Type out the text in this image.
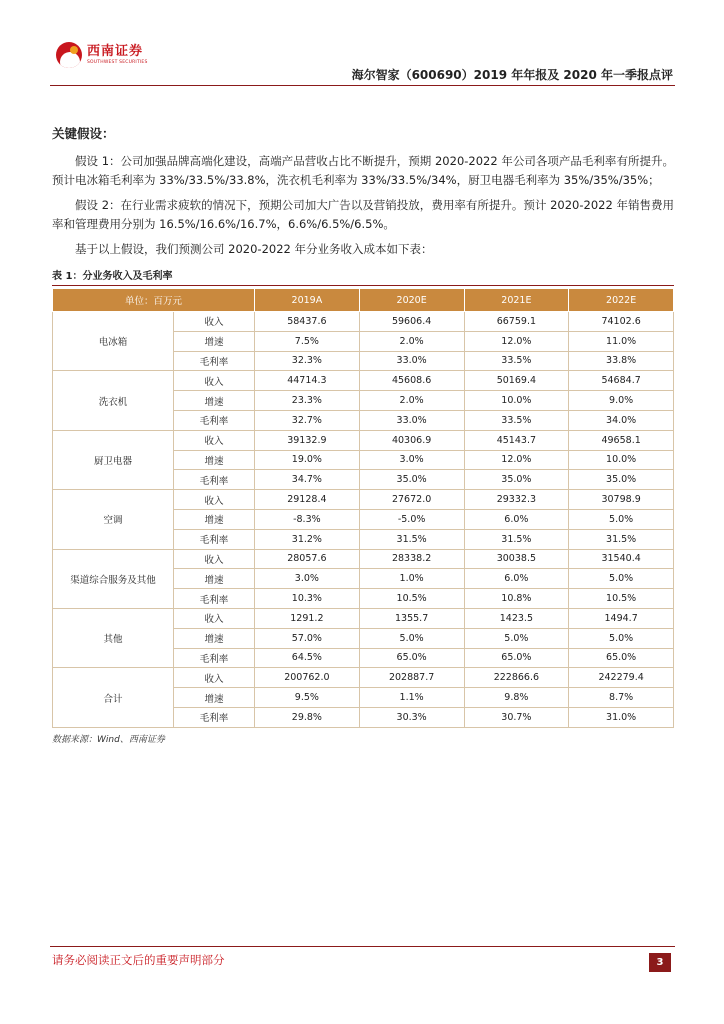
西南证券
SOUTHWEST SECURITIES
海尔智家（600690）2019 年年报及 2020 年一季报点评
关键假设：

假设 1：公司加强品牌高端化建设，高端产品营收占比不断提升，预期 2020-2022 年公司各项产品毛利率有所提升。预计电冰箱毛利率为 33%/33.5%/33.8%，洗衣机毛利率为 33%/33.5%/34%，厨卫电器毛利率为 35%/35%/35%；

假设 2：在行业需求疲软的情况下，预期公司加大广告以及营销投放，费用率有所提升。预计 2020-2022 年销售费用率和管理费用分别为 16.5%/16.6%/16.7%，6.6%/6.5%/6.5%。

基于以上假设，我们预测公司 2020-2022 年分业务收入成本如下表：

表 1：分业务收入及毛利率
单位：百万元		2019A	2020E	2021E	2022E
电冰箱	收入	58437.6	59606.4	66759.1	74102.6
	增速	7.5%	2.0%	12.0%	11.0%
	毛利率	32.3%	33.0%	33.5%	33.8%
洗衣机	收入	44714.3	45608.6	50169.4	54684.7
	增速	23.3%	2.0%	10.0%	9.0%
	毛利率	32.7%	33.0%	33.5%	34.0%
厨卫电器	收入	39132.9	40306.9	45143.7	49658.1
	增速	19.0%	3.0%	12.0%	10.0%
	毛利率	34.7%	35.0%	35.0%	35.0%
空调	收入	29128.4	27672.0	29332.3	30798.9
	增速	-8.3%	-5.0%	6.0%	5.0%
	毛利率	31.2%	31.5%	31.5%	31.5%
渠道综合服务及其他	收入	28057.6	28338.2	30038.5	31540.4
	增速	3.0%	1.0%	6.0%	5.0%
	毛利率	10.3%	10.5%	10.8%	10.5%
其他	收入	1291.2	1355.7	1423.5	1494.7
	增速	57.0%	5.0%	5.0%	5.0%
	毛利率	64.5%	65.0%	65.0%	65.0%
合计	收入	200762.0	202887.7	222866.6	242279.4
	增速	9.5%	1.1%	9.8%	8.7%
	毛利率	29.8%	30.3%	30.7%	31.0%
数据来源：Wind、西南证券
请务必阅读正文后的重要声明部分	3
